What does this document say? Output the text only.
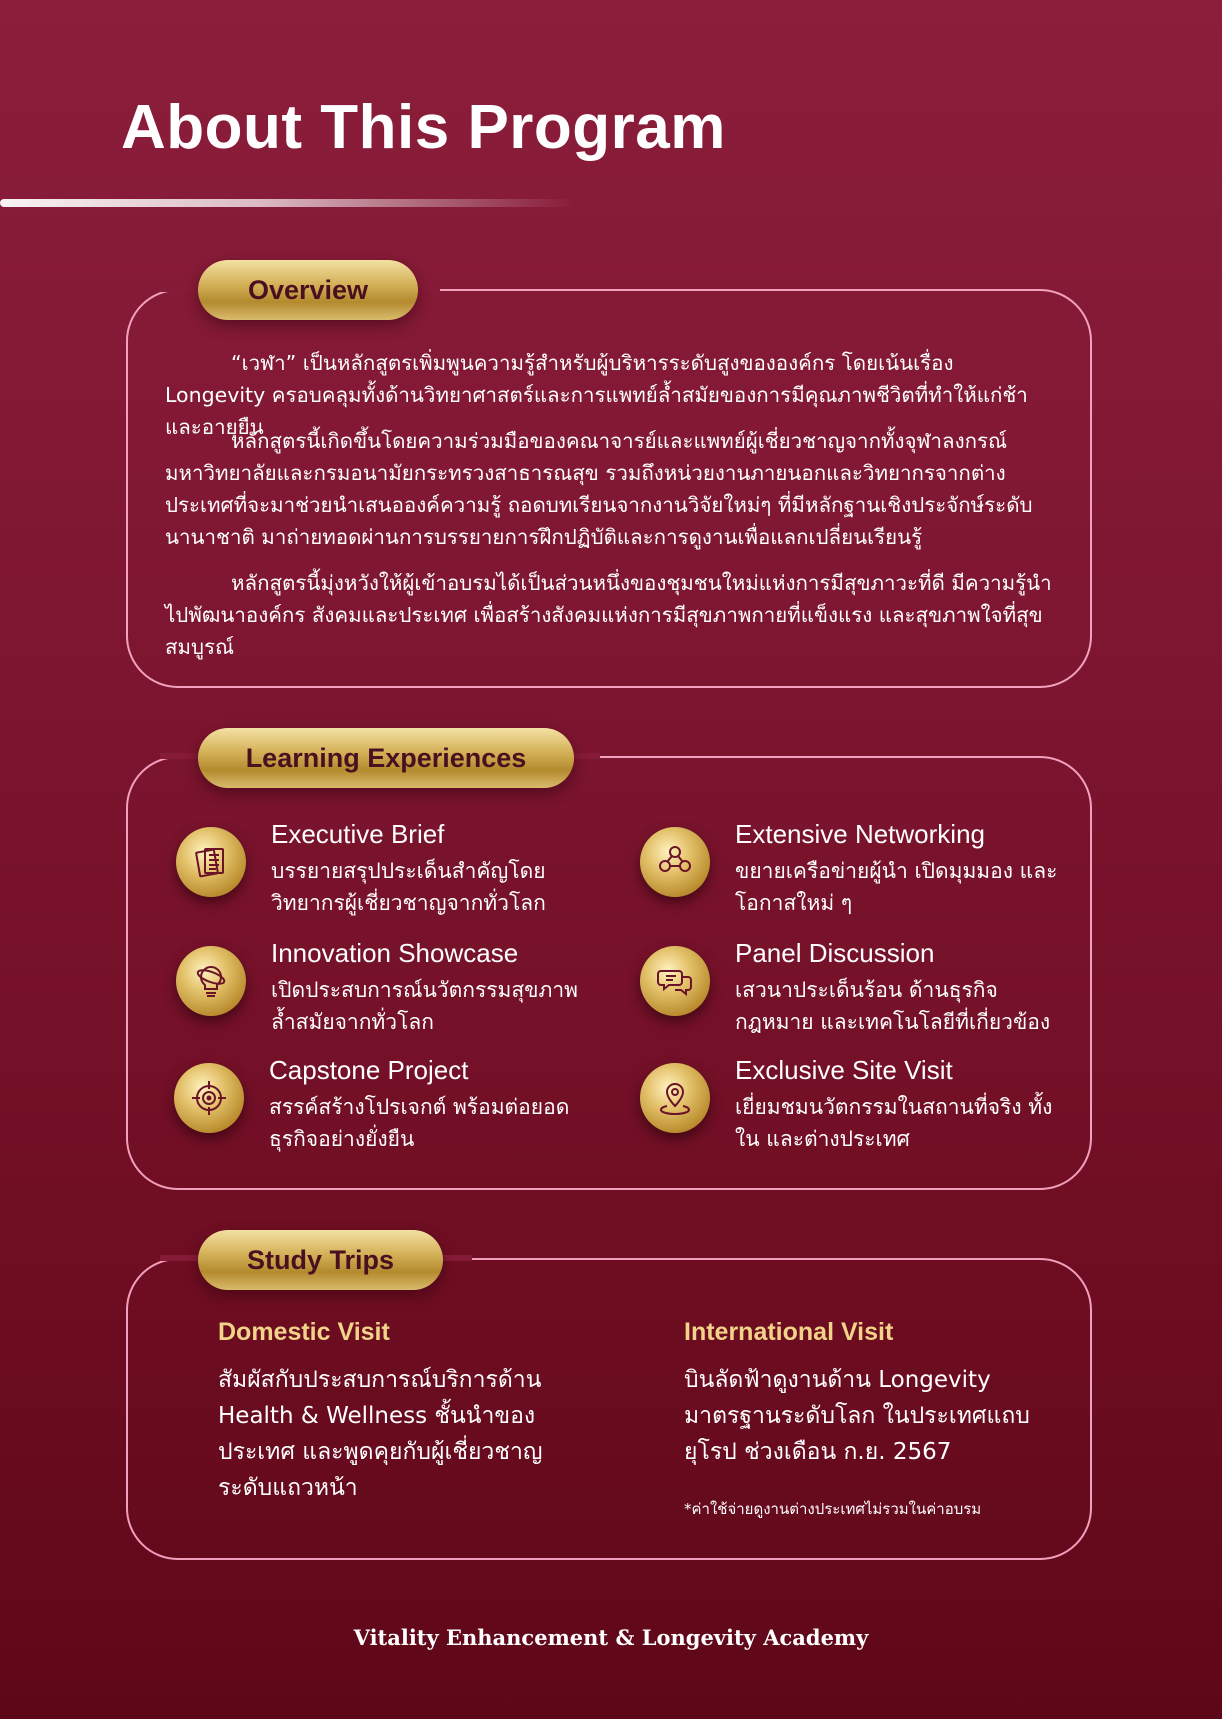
About This Program
Overview

“เวฬา” เป็นหลักสูตรเพิ่มพูนความรู้สำหรับผู้บริหารระดับสูงขององค์กร โดยเน้นเรื่อง Longevity ครอบคลุมทั้งด้านวิทยาศาสตร์และการแพทย์ล้ำสมัยของการมีคุณภาพชีวิตที่ทำให้แก่ช้าและอายุยืน

หลักสูตรนี้เกิดขึ้นโดยความร่วมมือของคณาจารย์และแพทย์ผู้เชี่ยวชาญจากทั้งจุฬาลงกรณ์มหาวิทยาลัยและกรมอนามัยกระทรวงสาธารณสุข รวมถึงหน่วยงานภายนอกและวิทยากรจากต่างประเทศที่จะมาช่วยนำเสนอองค์ความรู้ ถอดบทเรียนจากงานวิจัยใหม่ๆ ที่มีหลักฐานเชิงประจักษ์ระดับนานาชาติ มาถ่ายทอดผ่านการบรรยายการฝึกปฏิบัติและการดูงานเพื่อแลกเปลี่ยนเรียนรู้

หลักสูตรนี้มุ่งหวังให้ผู้เข้าอบรมได้เป็นส่วนหนึ่งของชุมชนใหม่แห่งการมีสุขภาวะที่ดี มีความรู้นำไปพัฒนาองค์กร สังคมและประเทศ เพื่อสร้างสังคมแห่งการมีสุขภาพกายที่แข็งแรง และสุขภาพใจที่สุขสมบูรณ์

Learning Experiences

Executive Brief

บรรยายสรุปประเด็นสำคัญโดยวิทยากรผู้เชี่ยวชาญจากทั่วโลก

Extensive Networking

ขยายเครือข่ายผู้นำ เปิดมุมมอง และโอกาสใหม่ ๆ

Innovation Showcase

เปิดประสบการณ์นวัตกรรมสุขภาพล้ำสมัยจากทั่วโลก

Panel Discussion

เสวนาประเด็นร้อน ด้านธุรกิจ กฎหมาย และเทคโนโลยีที่เกี่ยวข้อง

Capstone Project

สรรค์สร้างโปรเจกต์ พร้อมต่อยอดธุรกิจอย่างยั่งยืน

Exclusive Site Visit

เยี่ยมชมนวัตกรรมในสถานที่จริง ทั้งใน และต่างประเทศ

Study Trips

Domestic Visit

สัมผัสกับประสบการณ์บริการด้าน Health & Wellness ชั้นนำของประเทศ และพูดคุยกับผู้เชี่ยวชาญระดับแถวหน้า

International Visit

บินลัดฟ้าดูงานด้าน Longevity มาตรฐานระดับโลก ในประเทศแถบยุโรป ช่วงเดือน ก.ย. 2567

*ค่าใช้จ่ายดูงานต่างประเทศไม่รวมในค่าอบรม

Vitality Enhancement & Longevity Academy
